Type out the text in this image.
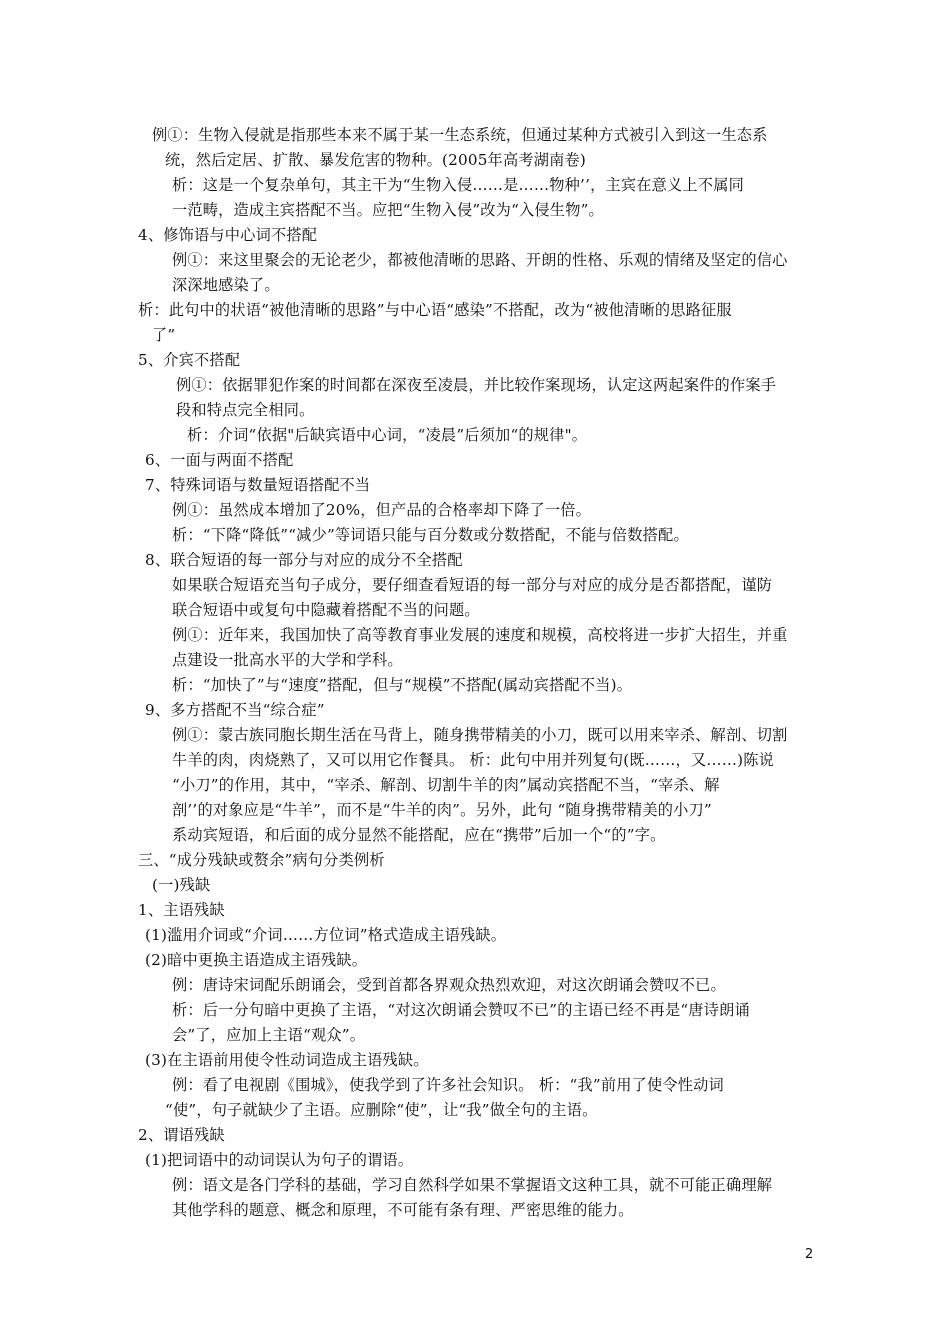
例①：生物入侵就是指那些本来不属于某一生态系统，但通过某种方式被引入到这一生态系
统，然后定居、扩散、暴发危害的物种。(2005年高考湖南卷)
析：这是一个复杂单句，其主干为“生物入侵……是……物种’’，主宾在意义上不属同
一范畴，造成主宾搭配不当。应把“生物入侵”改为“入侵生物”。
4、修饰语与中心词不搭配
例①：来这里聚会的无论老少，都被他清晰的思路、开朗的性格、乐观的情绪及坚定的信心
深深地感染了。
析：此句中的状语“被他清晰的思路”与中心语“感染”不搭配，改为“被他清晰的思路征服
了”
5、介宾不搭配
例①：依据罪犯作案的时间都在深夜至凌晨，并比较作案现场，认定这两起案件的作案手
段和特点完全相同。
析：介词“依据"后缺宾语中心词，“凌晨”后须加“的规律"。
6、一面与两面不搭配
7、特殊词语与数量短语搭配不当
例①：虽然成本增加了20%，但产品的合格率却下降了一倍。
析：“下降“降低”“减少”等词语只能与百分数或分数搭配，不能与倍数搭配。
8、联合短语的每一部分与对应的成分不全搭配
如果联合短语充当句子成分，要仔细查看短语的每一部分与对应的成分是否都搭配，谨防
联合短语中或复句中隐藏着搭配不当的问题。
例①：近年来，我国加快了高等教育事业发展的速度和规模，高校将进一步扩大招生，并重
点建设一批高水平的大学和学科。
析：“加快了”与“速度”搭配，但与“规模”不搭配(属动宾搭配不当)。
9、多方搭配不当“综合症”
例①：蒙古族同胞长期生活在马背上，随身携带精美的小刀，既可以用来宰杀、解剖、切割
牛羊的肉，肉烧熟了，又可以用它作餐具。 析：此句中用并列复句(既……，又……)陈说
“小刀”的作用，其中，“宰杀、解剖、切割牛羊的肉”属动宾搭配不当，“宰杀、解
剖’’的对象应是“牛羊”，而不是“牛羊的肉”。另外，此句 “随身携带精美的小刀”
系动宾短语，和后面的成分显然不能搭配，应在“携带”后加一个“的”字。
三、“成分残缺或赘余”病句分类例析
(一)残缺
1、主语残缺
(1)滥用介词或“介词……方位词”格式造成主语残缺。
(2)暗中更换主语造成主语残缺。
例：唐诗宋词配乐朗诵会，受到首都各界观众热烈欢迎，对这次朗诵会赞叹不已。
析：后一分句暗中更换了主语，“对这次朗诵会赞叹不已”的主语已经不再是“唐诗朗诵
会”了，应加上主语“观众”。
(3)在主语前用使令性动词造成主语残缺。
例：看了电视剧《围城》，使我学到了许多社会知识。 析：“我”前用了使令性动词
“使”，句子就缺少了主语。应删除“使”，让“我”做全句的主语。
2、谓语残缺
(1)把词语中的动词误认为句子的谓语。
例：语文是各门学科的基础，学习自然科学如果不掌握语文这种工具，就不可能正确理解
其他学科的题意、概念和原理，不可能有条有理、严密思维的能力。
2
